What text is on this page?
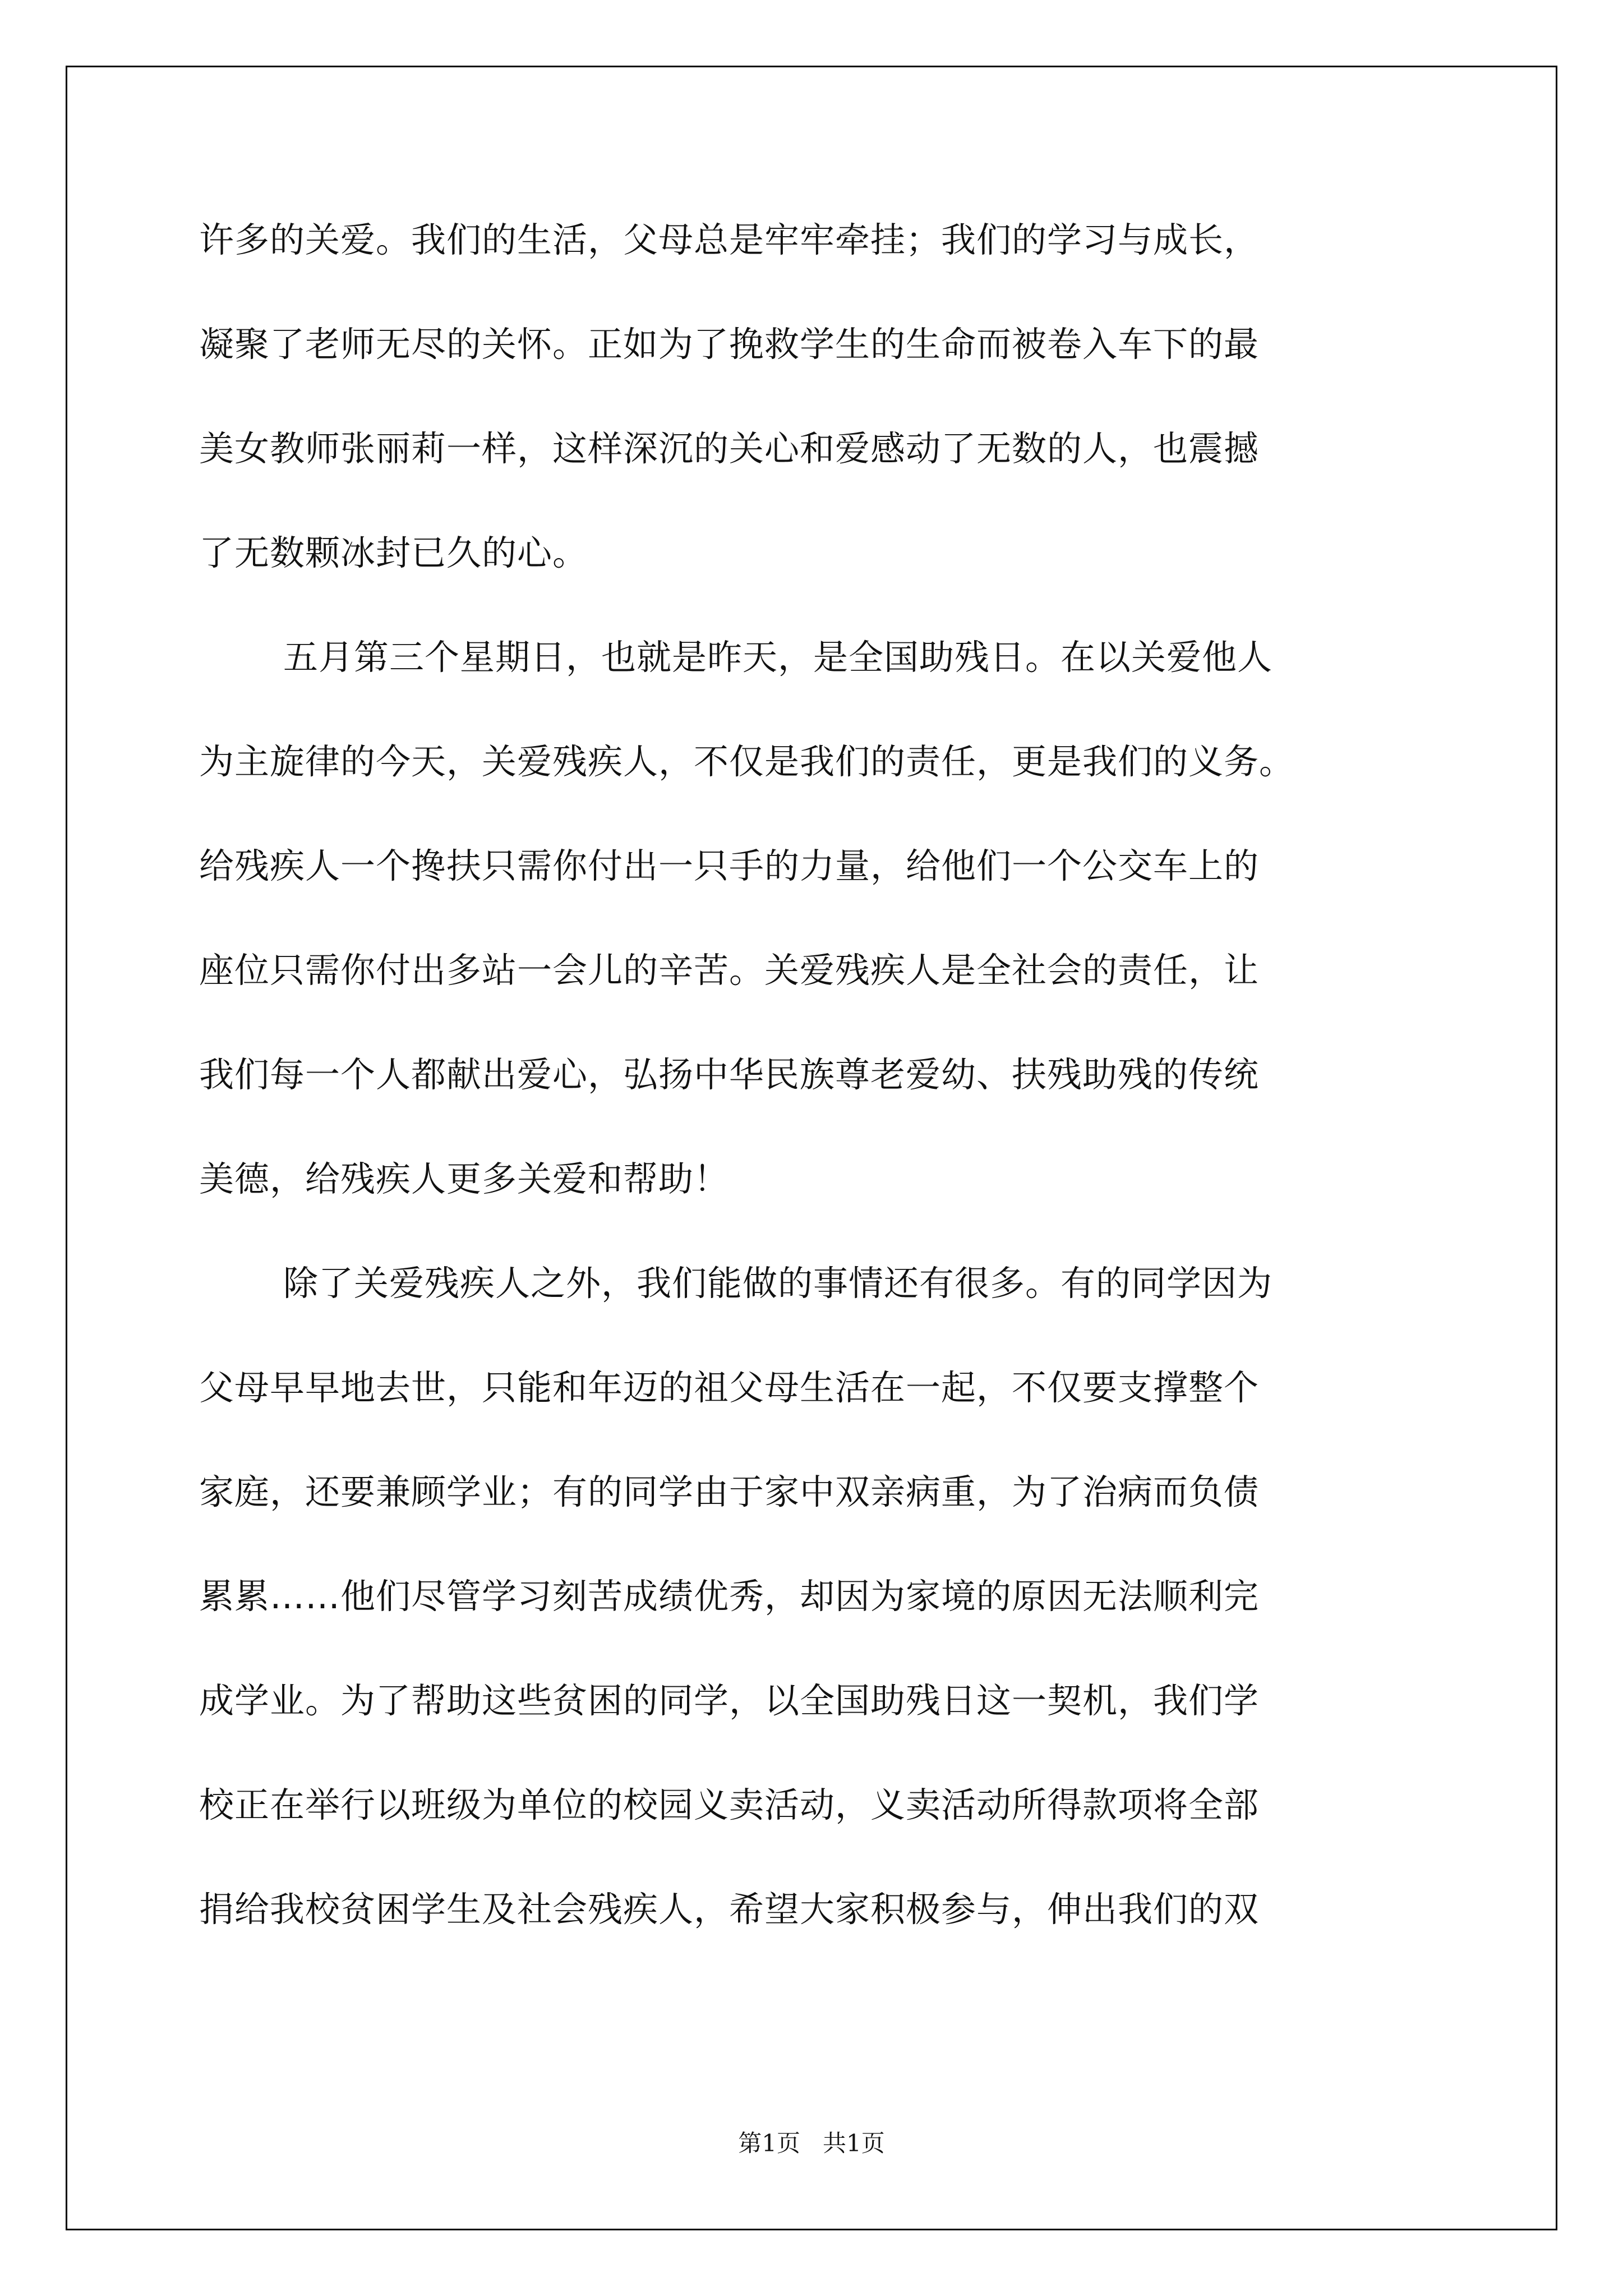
许多的关爱。我们的生活，父母总是牢牢牵挂；我们的学习与成长，
凝聚了老师无尽的关怀。正如为了挽救学生的生命而被卷入车下的最
美女教师张丽莉一样，这样深沉的关心和爱感动了无数的人，也震撼
了无数颗冰封已久的心。
五月第三个星期日，也就是昨天，是全国助残日。在以关爱他人
为主旋律的今天，关爱残疾人，不仅是我们的责任，更是我们的义务。
给残疾人一个搀扶只需你付出一只手的力量，给他们一个公交车上的
座位只需你付出多站一会儿的辛苦。关爱残疾人是全社会的责任，让
我们每一个人都献出爱心，弘扬中华民族尊老爱幼、扶残助残的传统
美德，给残疾人更多关爱和帮助！
除了关爱残疾人之外，我们能做的事情还有很多。有的同学因为
父母早早地去世，只能和年迈的祖父母生活在一起，不仅要支撑整个
家庭，还要兼顾学业；有的同学由于家中双亲病重，为了治病而负债
累累……他们尽管学习刻苦成绩优秀，却因为家境的原因无法顺利完
成学业。为了帮助这些贫困的同学，以全国助残日这一契机，我们学
校正在举行以班级为单位的校园义卖活动，义卖活动所得款项将全部
捐给我校贫困学生及社会残疾人，希望大家积极参与，伸出我们的双
第1页   共1页
